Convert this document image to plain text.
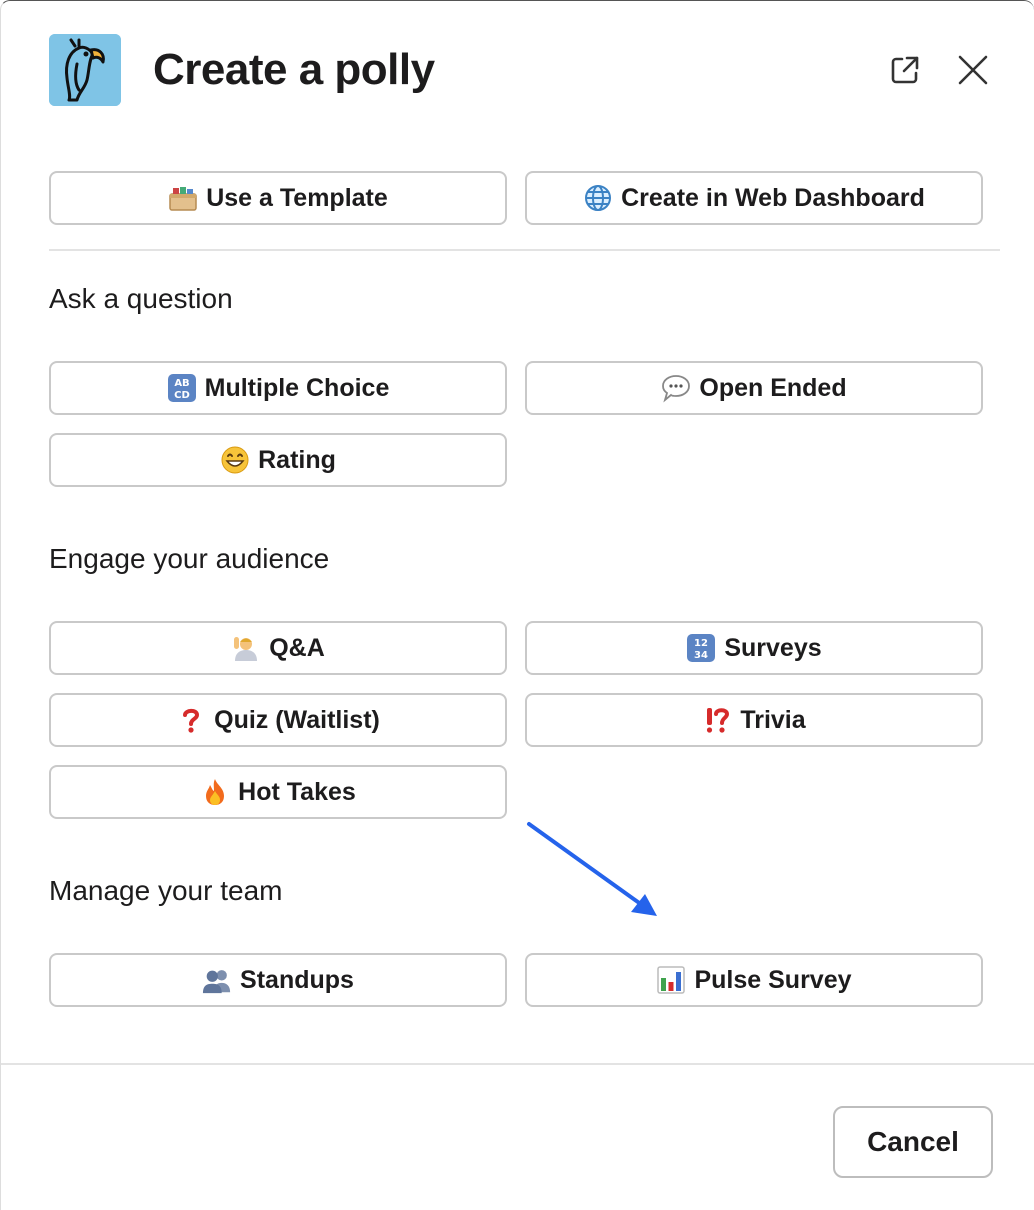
Create a polly
Use a Template	Create in Web Dashboard
Ask a question
AB
CD Multiple Choice	Open Ended
Rating
Engage your audience
Q&A	12
34 Surveys
Quiz (Waitlist)	Trivia
Hot Takes
Manage your team
Standups	Pulse Survey
Cancel
